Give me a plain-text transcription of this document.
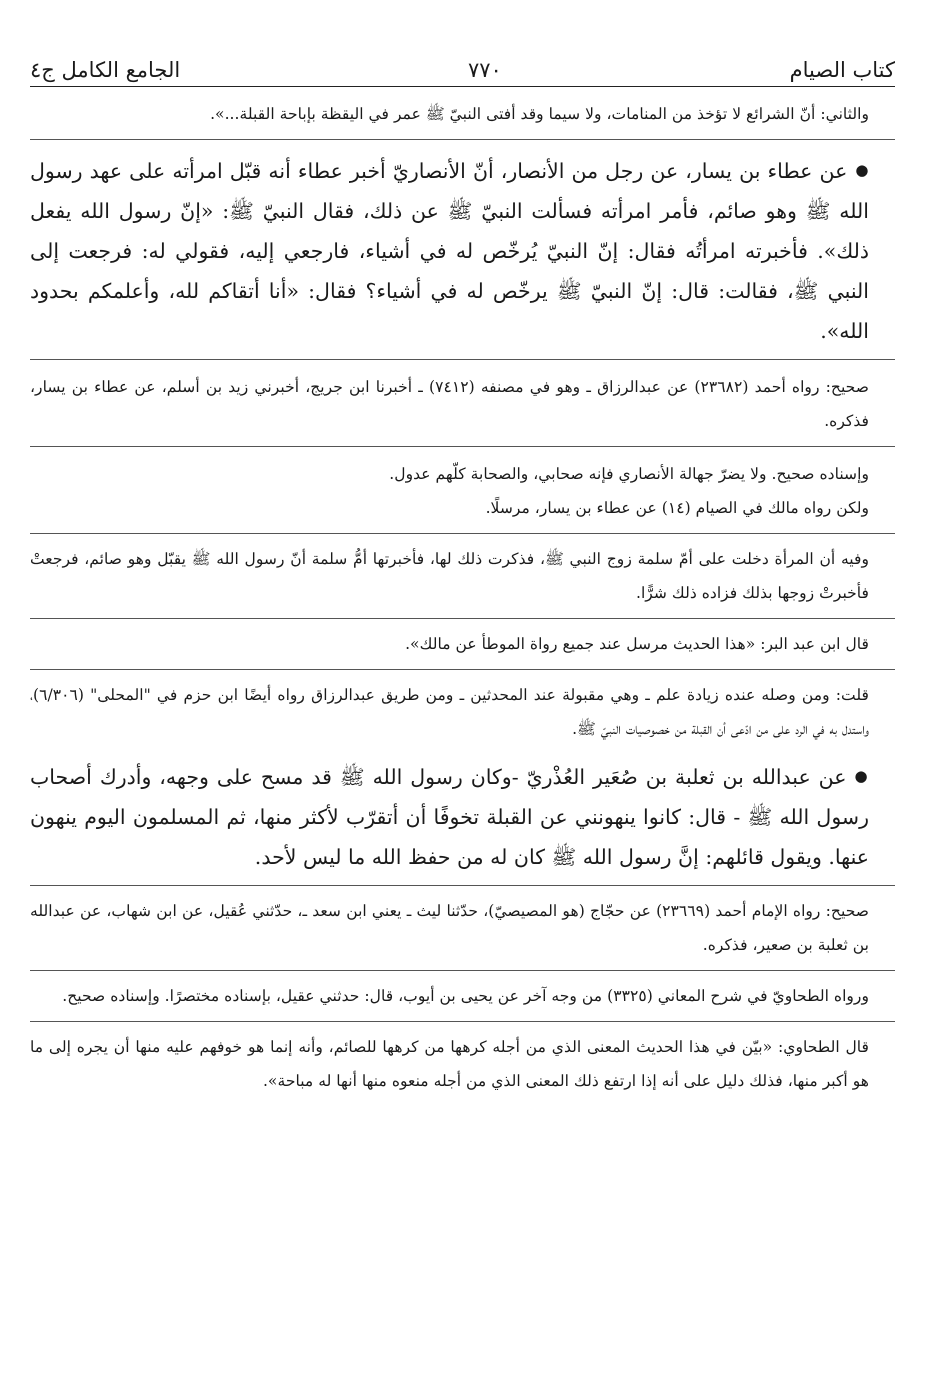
كتاب الصيام
٧٧٠
الجامع الكامل ج٤

والثاني: أنّ الشرائع لا تؤخذ من المنامات، ولا سيما وقد أفتى النبيّ ﷺ عمر في اليقظة بإباحة القبلة...».

●عن عطاء بن يسار، عن رجل من الأنصار، أنّ الأنصاريّ أخبر عطاء أنه قبّل امرأته على عهد رسول الله ﷺ وهو صائم، فأمر امرأته فسألت النبيّ ﷺ عن ذلك، فقال النبيّ ﷺ: «إنّ رسول الله يفعل ذلك». فأخبرته امرأتُه فقال: إنّ النبيّ يُرخّص له في أشياء، فارجعي إليه، فقولي له: فرجعت إلى النبي ﷺ، فقالت: قال: إنّ النبيّ ﷺ يرخّص له في أشياء؟ فقال: «أنا أتقاكم لله، وأعلمكم بحدود الله».

صحيح: رواه أحمد (٢٣٦٨٢) عن عبدالرزاق ـ وهو في مصنفه (٧٤١٢) ـ أخبرنا ابن جريج، أخبرني زيد بن أسلم، عن عطاء بن يسار، فذكره.

وإسناده صحيح. ولا يضرّ جهالة الأنصاري فإنه صحابي، والصحابة كلّهم عدول.

ولكن رواه مالك في الصيام (١٤) عن عطاء بن يسار، مرسلًا.

وفيه أن المرأة دخلت على أمّ سلمة زوج النبي ﷺ، فذكرت ذلك لها، فأخبرتها أمُّ سلمة أنّ رسول الله ﷺ يقبّل وهو صائم، فرجعتْ فأخبرتْ زوجها بذلك فزاده ذلك شرًّا.

قال ابن عبد البر: «هذا الحديث مرسل عند جميع رواة الموطأ عن مالك».

قلت: ومن وصله عنده زيادة علم ـ وهي مقبولة عند المحدثين ـ ومن طريق عبدالرزاق رواه أيضًا ابن حزم في "المحلى" (٦/٣٠٦)، واستدل به في الرد على من ادّعى أن القبلة من خصوصيات النبيّ ﷺ.

●عن عبدالله بن ثعلبة بن صُعَير العُذْريّ -وكان رسول الله ﷺ قد مسح على وجهه، وأدرك أصحاب رسول الله ﷺ - قال: كانوا ينهونني عن القبلة تخوفًا أن أتقرّب لأكثر منها، ثم المسلمون اليوم ينهون عنها. ويقول قائلهم: إنَّ رسول الله ﷺ كان له من حفظ الله ما ليس لأحد.

صحيح: رواه الإمام أحمد (٢٣٦٦٩) عن حجّاج (هو المصيصيّ)، حدّثنا ليث ـ يعني ابن سعد ـ، حدّثني عُقيل، عن ابن شهاب، عن عبدالله بن ثعلبة بن صعير، فذكره.

ورواه الطحاويّ في شرح المعاني (٣٣٢٥) من وجه آخر عن يحيى بن أيوب، قال: حدثني عقيل، بإسناده مختصرًا. وإسناده صحيح.

قال الطحاوي: «بيّن في هذا الحديث المعنى الذي من أجله كرهها من كرهها للصائم، وأنه إنما هو خوفهم عليه منها أن يجره إلى ما هو أكبر منها، فذلك دليل على أنه إذا ارتفع ذلك المعنى الذي من أجله منعوه منها أنها له مباحة».
